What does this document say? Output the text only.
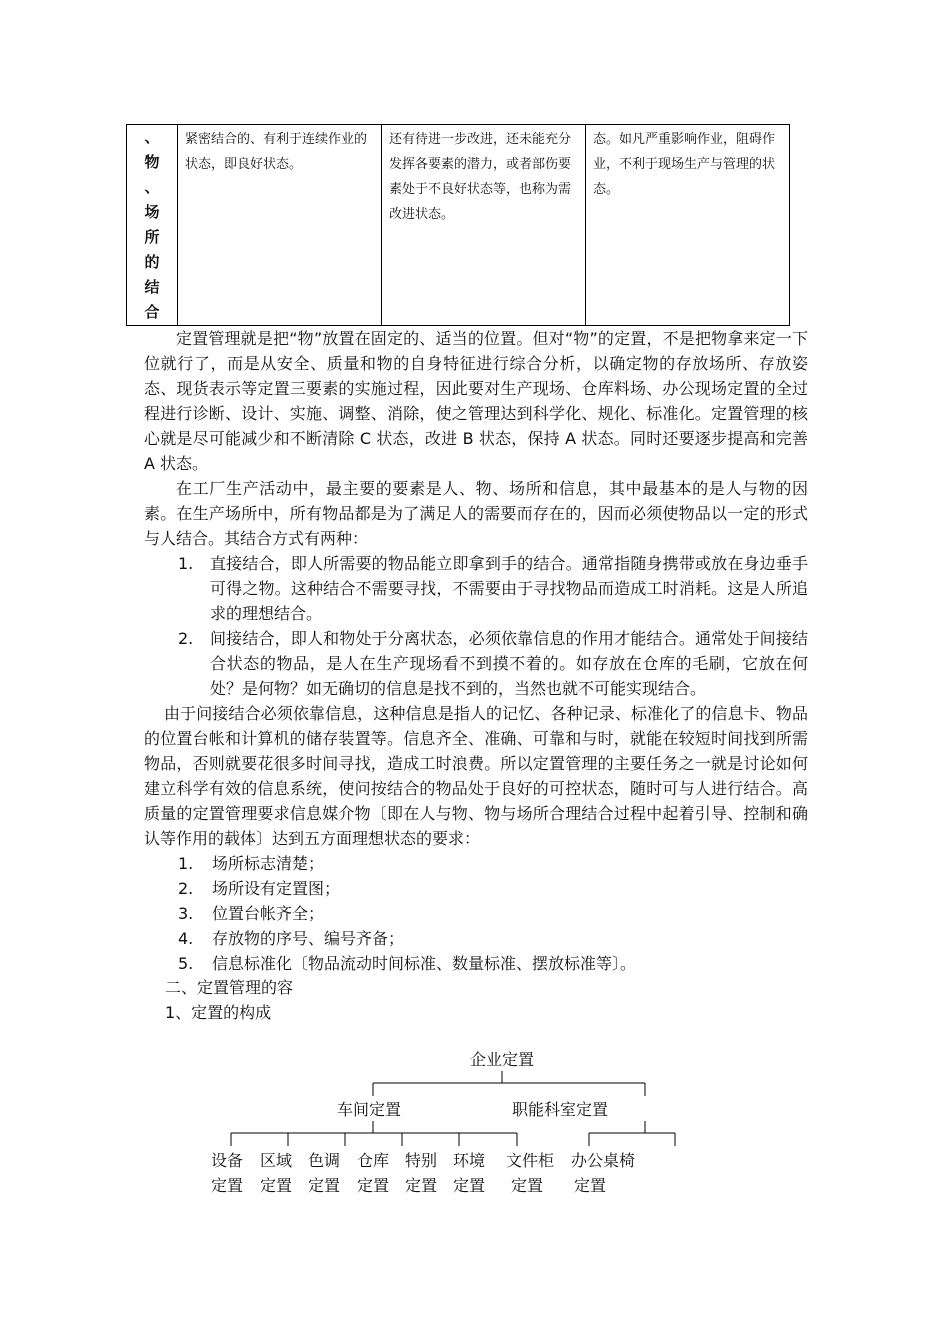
、
物
、
场
所
的
结
合
	紧密结合的、有利于连续作业的状态，即良好状态。	还有待进一步改进，还未能充分发挥各要素的潜力，或者部伤要素处于不良好状态等，也称为需改进状态。	态。如凡严重影响作业，阻碍作业，不利于现场生产与管理的状态。

定置管理就是把“物”放置在固定的、适当的位置。但对“物”的定置，不是把物拿来定一下位就行了，而是从安全、质量和物的自身特征进行综合分析，以确定物的存放场所、存放姿态、现货表示等定置三要素的实施过程，因此要对生产现场、仓库料场、办公现场定置的全过程进行诊断、设计、实施、调整、消除，使之管理达到科学化、规化、标准化。定置管理的核心就是尽可能减少和不断清除 C 状态，改进 B 状态，保持 A 状态。同时还要逐步提高和完善 A 状态。

在工厂生产活动中，最主要的要素是人、物、场所和信息，其中最基本的是人与物的因素。在生产场所中，所有物品都是为了满足人的需要而存在的，因而必须使物品以一定的形式与人结合。其结合方式有两种：

1.	直接结合，即人所需要的物品能立即拿到手的结合。通常指随身携带或放在身边垂手可得之物。这种结合不需要寻找，不需要由于寻找物品而造成工时消耗。这是人所追求的理想结合。
2.	间接结合，即人和物处于分离状态，必须依靠信息的作用才能结合。通常处于间接结合状态的物品，是人在生产现场看不到摸不着的。如存放在仓库的毛刷，它放在何处？是何物？如无确切的信息是找不到的，当然也就不可能实现结合。

由于问接结合必须依靠信息，这种信息是指人的记忆、各种记录、标准化了的信息卡、物品的位置台帐和计算机的储存装置等。信息齐全、准确、可靠和与时，就能在较短时间找到所需物品，否则就要花很多时间寻找，造成工时浪费。所以定置管理的主要任务之一就是讨论如何建立科学有效的信息系统，使问按结合的物品处于良好的可控状态，随时可与人进行结合。高质量的定置管理要求信息媒介物〔即在人与物、物与场所合理结合过程中起着引导、控制和确认等作用的载体〕达到五方面理想状态的要求：

1. 场所标志清楚；
2. 场所设有定置图；
3. 位置台帐齐全；
4. 存放物的序号、编号齐备；
5. 信息标准化〔物品流动时间标准、数量标准、摆放标准等〕。
二、定置管理的容
1、定置的构成
企业定置
车间定置	职能科室定置
设备
定置
区域
定置
色调
定置
仓库
定置
特别
定置
环境
定置
文件柜
定置
办公桌椅
定置
